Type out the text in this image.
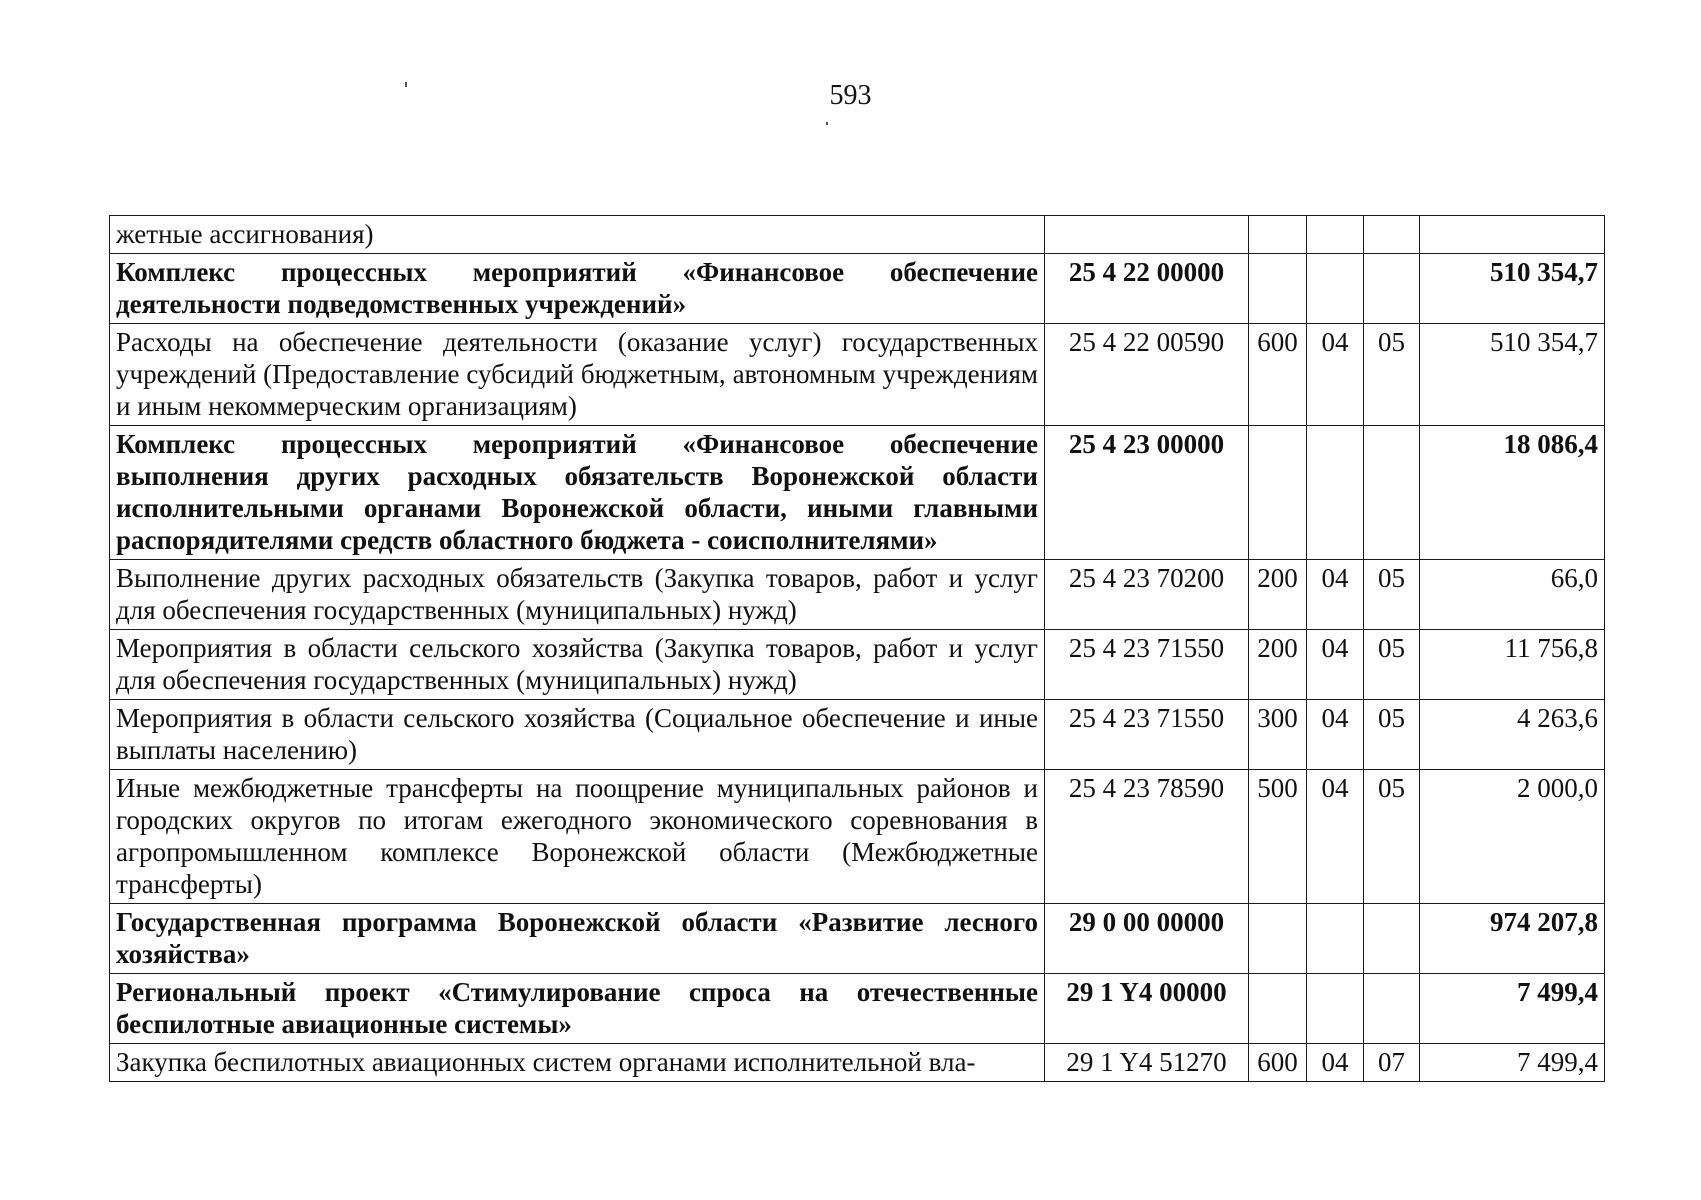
593
жетные ассигнования)					
Комплекс процессных мероприятий «Финансовое обеспечение деятельности подведомственных учреждений»	25 4 22 00000				510 354,7
Расходы на обеспечение деятельности (оказание услуг) государственных учреждений (Предоставление субсидий бюджетным, автономным учреждениям и иным некоммерческим организациям)	25 4 22 00590	600	04	05	510 354,7
Комплекс процессных мероприятий «Финансовое обеспечение выполнения других расходных обязательств Воронежской области исполнительными органами Воронежской области, иными главными распорядителями средств областного бюджета - соисполнителями»	25 4 23 00000				18 086,4
Выполнение других расходных обязательств (Закупка товаров, работ и услуг для обеспечения государственных (муниципальных) нужд)	25 4 23 70200	200	04	05	66,0
Мероприятия в области сельского хозяйства (Закупка товаров, работ и услуг для обеспечения государственных (муниципальных) нужд)	25 4 23 71550	200	04	05	11 756,8
Мероприятия в области сельского хозяйства (Социальное обеспечение и иные выплаты населению)	25 4 23 71550	300	04	05	4 263,6
Иные межбюджетные трансферты на поощрение муниципальных районов и городских округов по итогам ежегодного экономического соревнования в агропромышленном комплексе Воронежской области (Межбюджетные трансферты)	25 4 23 78590	500	04	05	2 000,0
Государственная программа Воронежской области «Развитие лесного хозяйства»	29 0 00 00000				974 207,8
Региональный проект «Стимулирование спроса на отечественные беспилотные авиационные системы»	29 1 Y4 00000				7 499,4
Закупка беспилотных авиационных систем органами исполнительной вла-	29 1 Y4 51270	600	04	07	7 499,4
